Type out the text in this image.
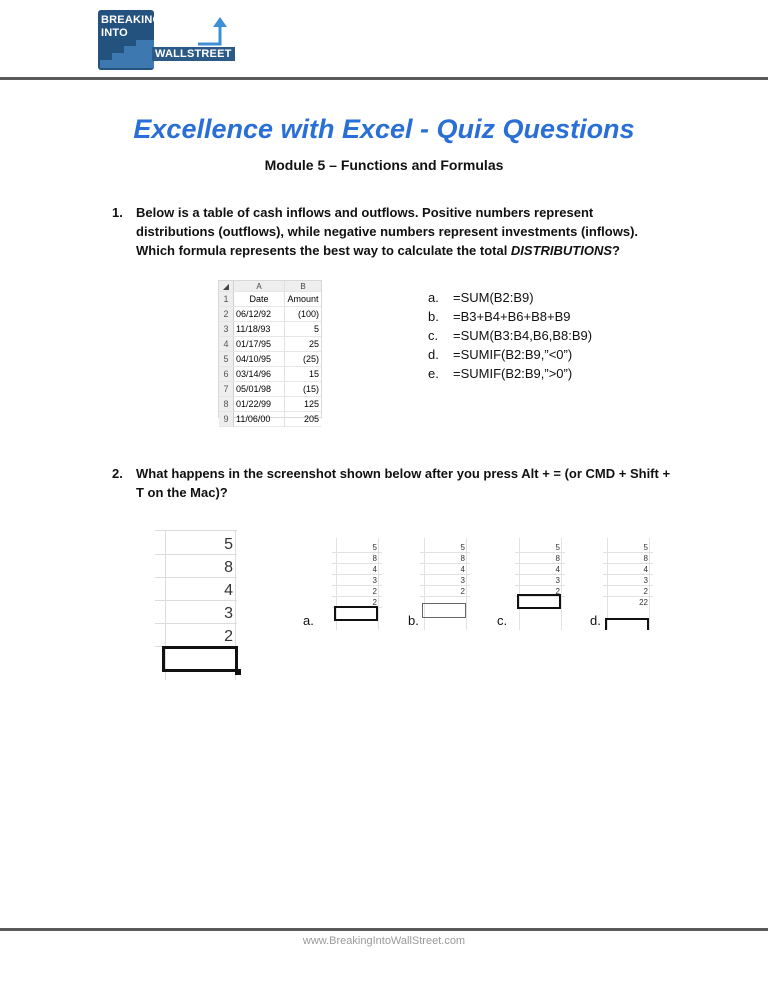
BREAKING
INTO
WALLSTREET
Excellence with Excel - Quiz Questions
Module 5 – Functions and Formulas
1. Below is a table of cash inflows and outflows. Positive numbers represent
distributions (outflows), while negative numbers represent investments (inflows).
Which formula represents the best way to calculate the total DISTRIBUTIONS?
◢	A	B
1	Date	Amount
2	06/12/92	(100)
3	11/18/93	5
4	01/17/95	25
5	04/10/95	(25)
6	03/14/96	15
7	05/01/98	(15)
8	01/22/99	125
9	11/06/00	205
a. =SUM(B2:B9)
b. =B3+B4+B6+B8+B9
c. =SUM(B3:B4,B6,B8:B9)
d. =SUMIF(B2:B9,”<0”)
e. =SUMIF(B2:B9,”>0”)
2. What happens in the screenshot shown below after you press Alt + = (or CMD + Shift +
T on the Mac)?
5
8
4
3
2
a.
5
8
4
3
2
2
b.
5
8
4
3
2
c.
5
8
4
3
2
d.
5
8
4
3
2
22
www.BreakingIntoWallStreet.com
